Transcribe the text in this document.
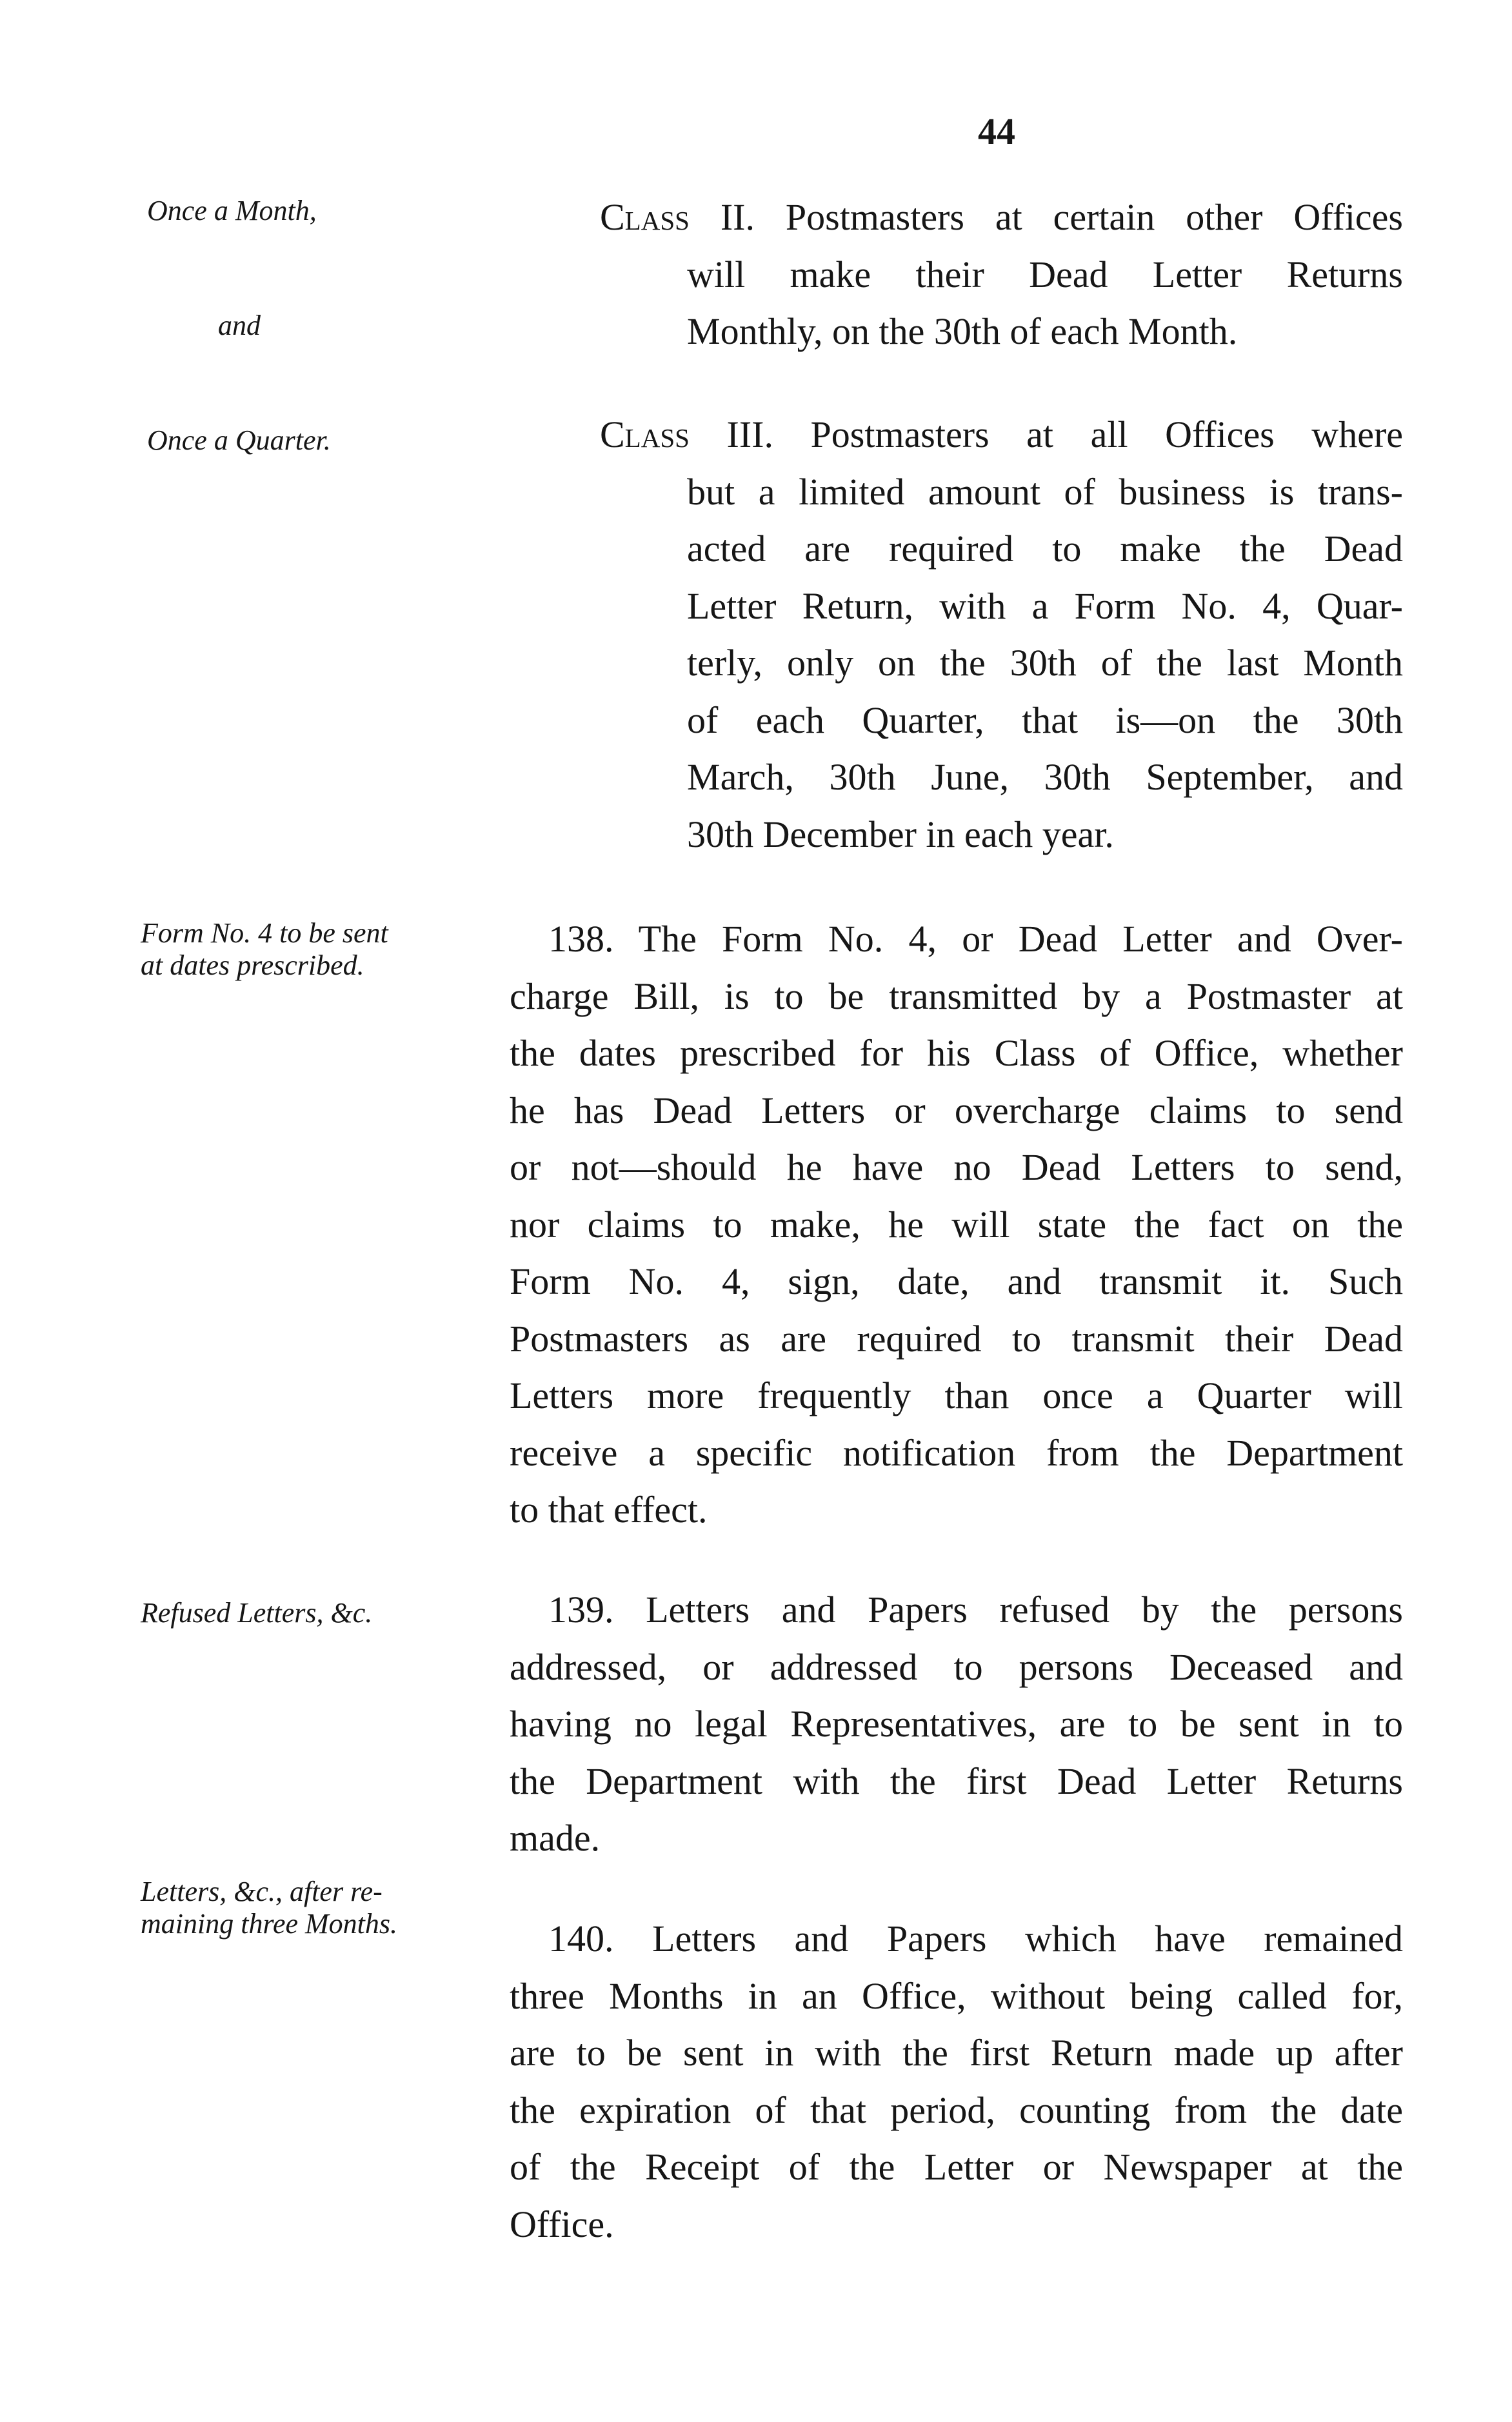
44
Once a Month,
and
Once a Quarter.
Form No. 4 to be sent
at dates prescribed.
Refused Letters, &c.
Letters, &c., after re-
maining three Months.
Class II. Postmasters at certain other Offices
will make their Dead Letter Returns
Monthly, on the 30th of each Month.
Class III. Postmasters at all Offices where
but a limited amount of business is trans-
acted are required to make the Dead
Letter Return, with a Form No. 4, Quar-
terly, only on the 30th of the last Month
of each Quarter, that is—on the 30th
March, 30th June, 30th September, and
30th December in each year.
138. The Form No. 4, or Dead Letter and Over-
charge Bill, is to be transmitted by a Postmaster at
the dates prescribed for his Class of Office, whether
he has Dead Letters or overcharge claims to send
or not—should he have no Dead Letters to send,
nor claims to make, he will state the fact on the
Form No. 4, sign, date, and transmit it. Such
Postmasters as are required to transmit their Dead
Letters more frequently than once a Quarter will
receive a specific notification from the Department
to that effect.
139. Letters and Papers refused by the persons
addressed, or addressed to persons Deceased and
having no legal Representatives, are to be sent in to
the Department with the first Dead Letter Returns
made.
140. Letters and Papers which have remained
three Months in an Office, without being called for,
are to be sent in with the first Return made up after
the expiration of that period, counting from the date
of the Receipt of the Letter or Newspaper at the
Office.
